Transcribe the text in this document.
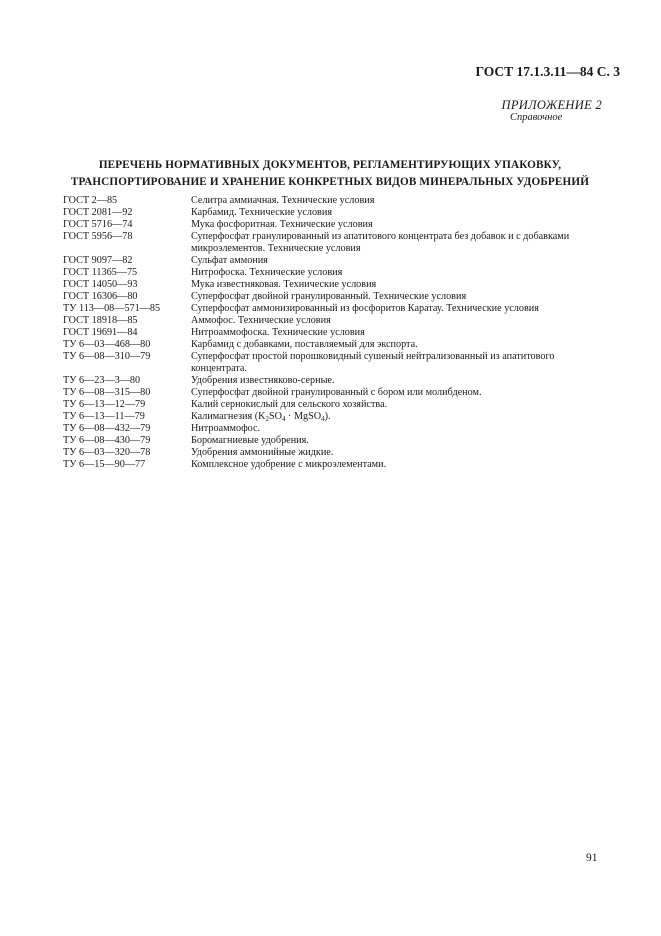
ГОСТ 17.1.3.11—84 С. 3
ПРИЛОЖЕНИЕ 2
Справочное
ПЕРЕЧЕНЬ НОРМАТИВНЫХ ДОКУМЕНТОВ, РЕГЛАМЕНТИРУЮЩИХ УПАКОВКУ,
ТРАНСПОРТИРОВАНИЕ И ХРАНЕНИЕ КОНКРЕТНЫХ ВИДОВ МИНЕРАЛЬНЫХ УДОБРЕНИЙ
ГОСТ 2—85	Селитра аммиачная. Технические условия
ГОСТ 2081—92	Карбамид. Технические условия
ГОСТ 5716—74	Мука фосфоритная. Технические условия
ГОСТ 5956—78	Суперфосфат гранулированный из апатитового концентрата без добавок и с добавками микроэлементов. Технические условия
ГОСТ 9097—82	Сульфат аммония
ГОСТ 11365—75	Нитрофоска. Технические условия
ГОСТ 14050—93	Мука известняковая. Технические условия
ГОСТ 16306—80	Суперфосфат двойной гранулированный. Технические условия
ТУ 113—08—571—85	Суперфосфат аммонизированный из фосфоритов Каратау. Технические условия
ГОСТ 18918—85	Аммофос. Технические условия
ГОСТ 19691—84	Нитроаммофоска. Технические условия
ТУ 6—03—468—80	Карбамид с добавками, поставляемый для экспорта.
ТУ 6—08—310—79	Суперфосфат простой порошковидный сушеный нейтрализованный из апатитового концентрата.
ТУ 6—23—3—80	Удобрения известняково-серные.
ТУ 6—08—315—80	Суперфосфат двойной гранулированный с бором или молибденом.
ТУ 6—13—12—79	Калий сернокислый для сельского хозяйства.
ТУ 6—13—11—79	Калимагнезия ($K_2SO_4$ · MgSO$_4$).
ТУ 6—08—432—79	Нитроаммофос.
ТУ 6—08—430—79	Боромагниевые удобрения.
ТУ 6—03—320—78	Удобрения аммонийные жидкие.
ТУ 6—15—90—77	Комплексное удобрение с микроэлементами.
91
